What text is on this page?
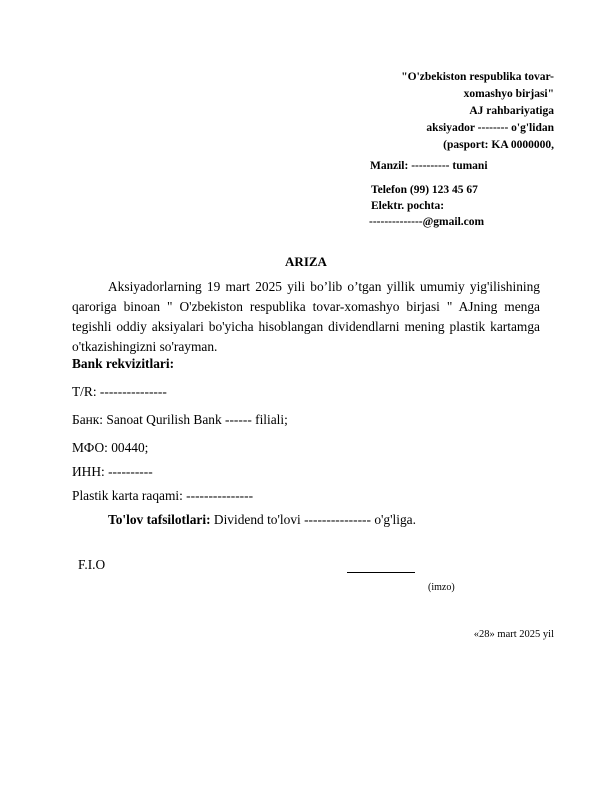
"O'zbekiston respublika tovar-
xomashyo birjasi"
AJ rahbariyatiga
aksiyador -------- o'g'lidan
(pasport: KA 0000000,
Manzil: ---------- tumani
Telefon (99) 123 45 67
Elektr. pochta:
--------------@gmail.com
ARIZA
Aksiyadorlarning 19 mart 2025 yili bo’lib o’tgan yillik umumiy yig'ilishining qaroriga binoan " O'zbekiston respublika tovar-xomashyo birjasi " AJning menga tegishli oddiy aksiyalari bo'yicha hisoblangan dividendlarni mening plastik kartamga o'tkazishingizni so'rayman.
Bank rekvizitlari:
T/R: ---------------
Банк: Sanoat Qurilish Bank ------ filiali;
МФО: 00440;
ИНН: ----------
Plastik karta raqami: ---------------
To'lov tafsilotlari: Dividend to'lovi --------------- o'g'liga.
F.I.O
(imzo)
«28» mart 2025 yil
